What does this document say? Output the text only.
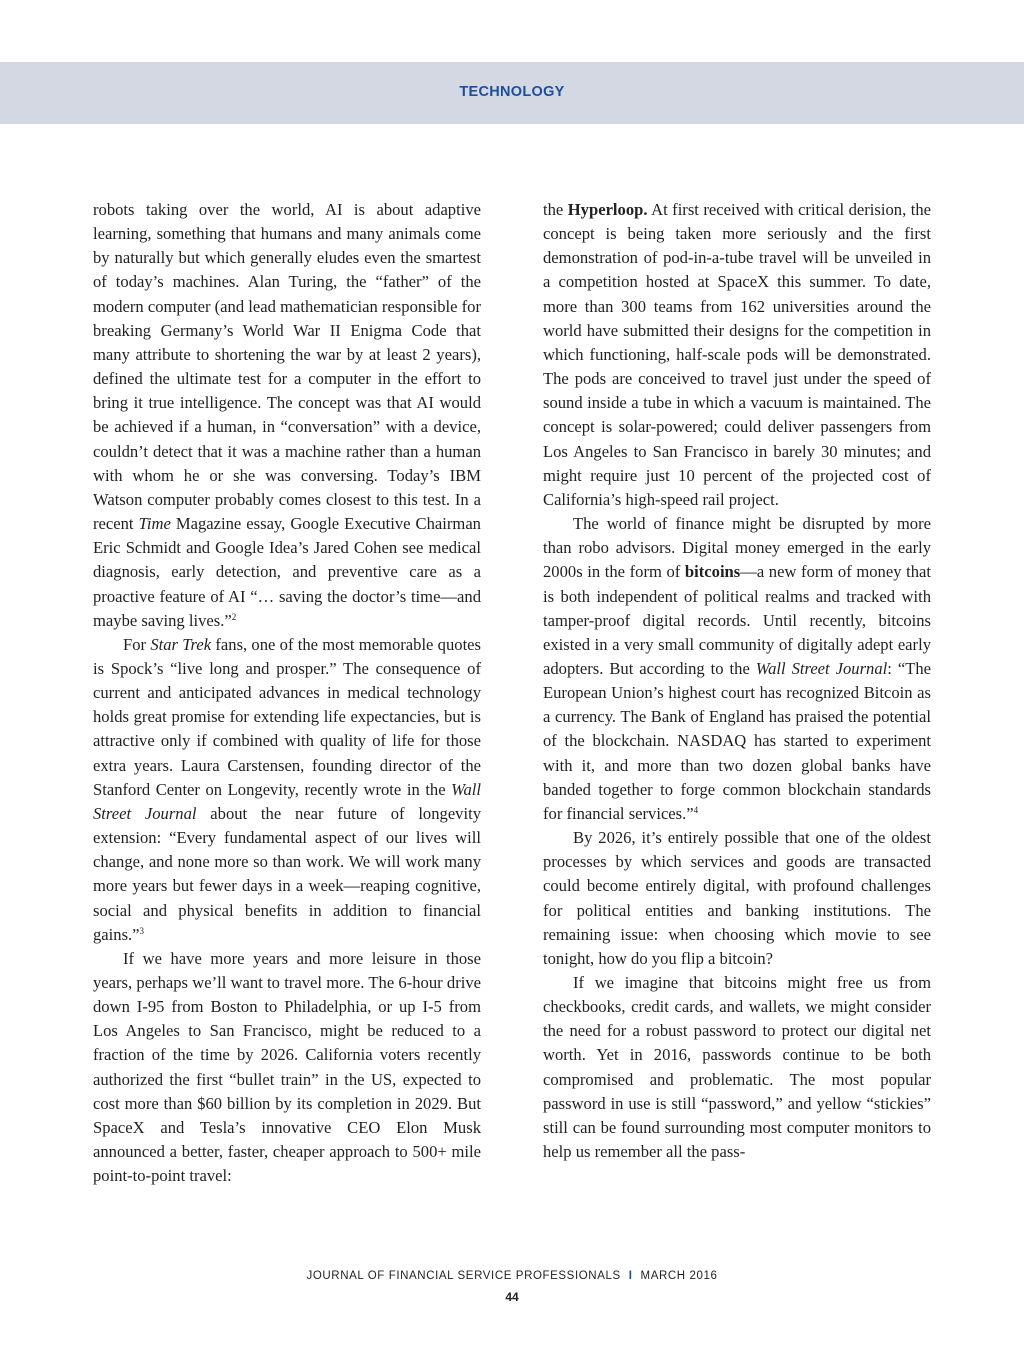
TECHNOLOGY

robots taking over the world, AI is about adaptive learning, something that humans and many animals come by naturally but which generally eludes even the smartest of today’s machines. Alan Turing, the “father” of the modern computer (and lead mathematician responsible for breaking Germany’s World War II Enigma Code that many attribute to shortening the war by at least 2 years), defined the ultimate test for a computer in the effort to bring it true intelligence. The concept was that AI would be achieved if a human, in “conversation” with a device, couldn’t detect that it was a machine rather than a human with whom he or she was conversing. Today’s IBM Watson computer probably comes closest to this test. In a recent Time Magazine essay, Google Executive Chairman Eric Schmidt and Google Idea’s Jared Cohen see medical diagnosis, early detection, and preventive care as a proactive feature of AI “… saving the doctor’s time—and maybe saving lives.”$^2$

For Star Trek fans, one of the most memorable quotes is Spock’s “live long and prosper.” The consequence of current and anticipated advances in medical technology holds great promise for extending life expectancies, but is attractive only if combined with quality of life for those extra years. Laura Carstensen, founding director of the Stanford Center on Longevity, recently wrote in the Wall Street Journal about the near future of longevity extension: “Every fundamental aspect of our lives will change, and none more so than work. We will work many more years but fewer days in a week—reaping cognitive, social and physical benefits in addition to financial gains.”$^3$

If we have more years and more leisure in those years, perhaps we’ll want to travel more. The 6-hour drive down I-95 from Boston to Philadelphia, or up I-5 from Los Angeles to San Francisco, might be reduced to a fraction of the time by 2026. California voters recently authorized the first “bullet train” in the US, expected to cost more than $60 billion by its completion in 2029. But SpaceX and Tesla’s innovative CEO Elon Musk announced a better, faster, cheaper approach to 500+ mile point-to-point travel:

the Hyperloop. At first received with critical derision, the concept is being taken more seriously and the first demonstration of pod-in-a-tube travel will be unveiled in a competition hosted at SpaceX this summer. To date, more than 300 teams from 162 universities around the world have submitted their designs for the competition in which functioning, half-scale pods will be demonstrated. The pods are conceived to travel just under the speed of sound inside a tube in which a vacuum is maintained. The concept is solar-powered; could deliver passengers from Los Angeles to San Francisco in barely 30 minutes; and might require just 10 percent of the projected cost of California’s high-speed rail project.

The world of finance might be disrupted by more than robo advisors. Digital money emerged in the early 2000s in the form of bitcoins—a new form of money that is both independent of political realms and tracked with tamper-proof digital records. Until recently, bitcoins existed in a very small community of digitally adept early adopters. But according to the Wall Street Journal: “The European Union’s highest court has recognized Bitcoin as a currency. The Bank of England has praised the potential of the blockchain. NASDAQ has started to experiment with it, and more than two dozen global banks have banded together to forge common blockchain standards for financial services.”$^4$

By 2026, it’s entirely possible that one of the oldest processes by which services and goods are transacted could become entirely digital, with profound challenges for political entities and banking institutions. The remaining issue: when choosing which movie to see tonight, how do you flip a bitcoin?

If we imagine that bitcoins might free us from checkbooks, credit cards, and wallets, we might consider the need for a robust password to protect our digital net worth. Yet in 2016, passwords continue to be both compromised and problematic. The most popular password in use is still “password,” and yellow “stickies” still can be found surrounding most computer monitors to help us remember all the pass-

JOURNAL OF FINANCIAL SERVICE PROFESSIONALS I MARCH 2016
44
